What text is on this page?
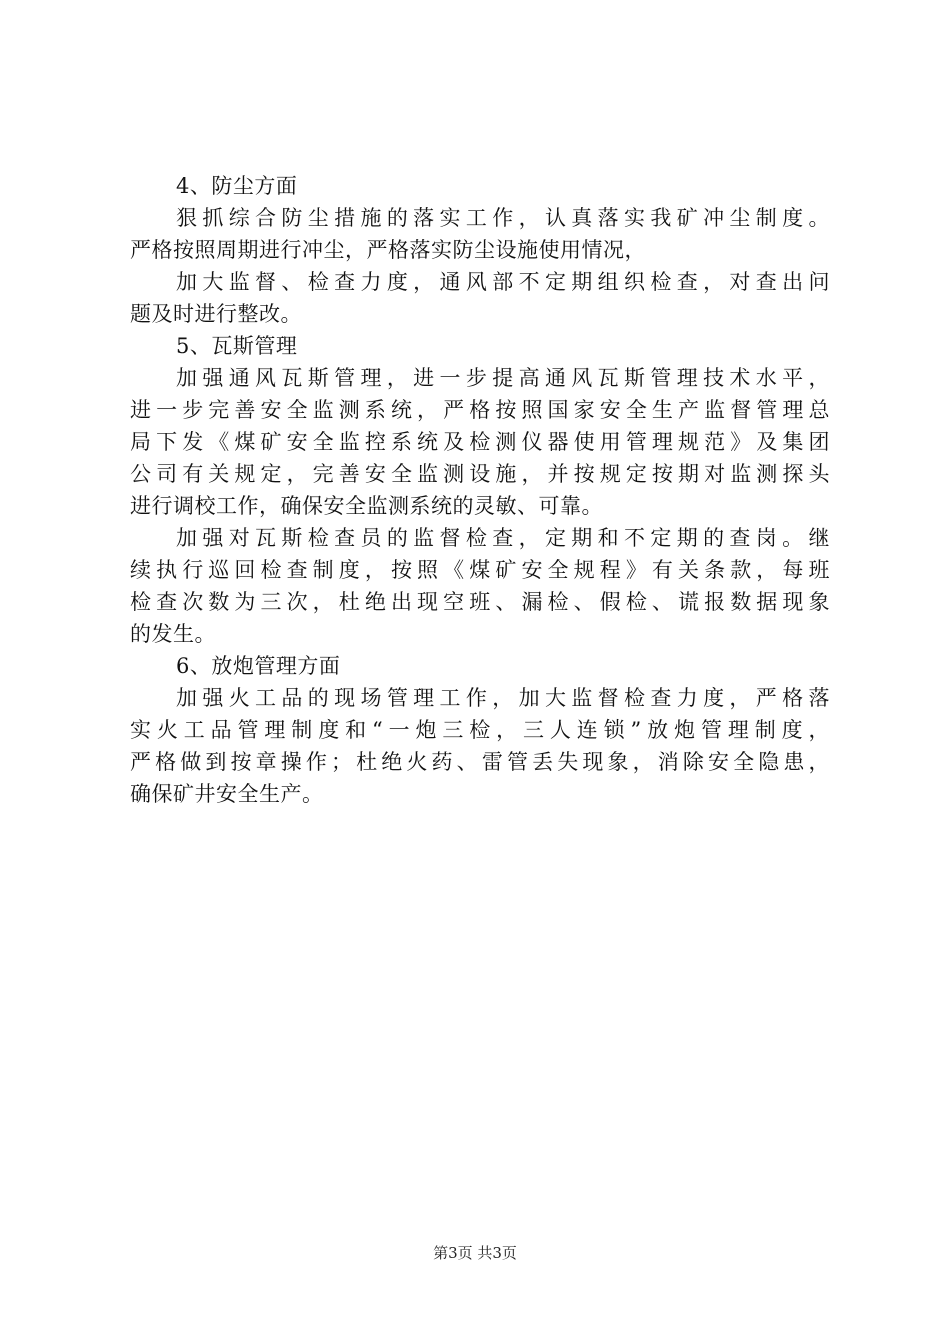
4、防尘方面
狠抓综合防尘措施的落实工作，认真落实我矿冲尘制度。
严格按照周期进行冲尘，严格落实防尘设施使用情况，
加大监督、检查力度，通风部不定期组织检查，对查出问
题及时进行整改。
5、瓦斯管理
加强通风瓦斯管理，进一步提高通风瓦斯管理技术水平，
进一步完善安全监测系统，严格按照国家安全生产监督管理总
局下发《煤矿安全监控系统及检测仪器使用管理规范》及集团
公司有关规定，完善安全监测设施，并按规定按期对监测探头
进行调校工作，确保安全监测系统的灵敏、可靠。
加强对瓦斯检查员的监督检查，定期和不定期的查岗。继
续执行巡回检查制度，按照《煤矿安全规程》有关条款，每班
检查次数为三次，杜绝出现空班、漏检、假检、谎报数据现象
的发生。
6、放炮管理方面
加强火工品的现场管理工作，加大监督检查力度，严格落
实火工品管理制度和“一炮三检，三人连锁”放炮管理制度，
严格做到按章操作；杜绝火药、雷管丢失现象，消除安全隐患，
确保矿井安全生产。
第3页 共3页
